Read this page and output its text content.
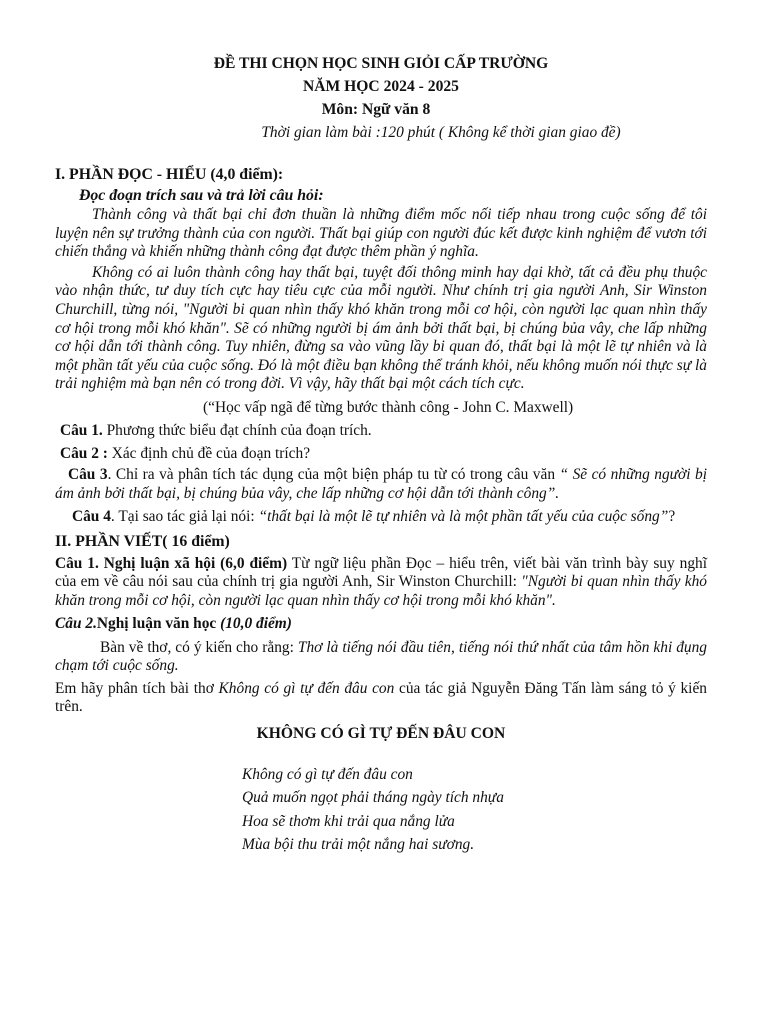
ĐỀ THI CHỌN HỌC SINH GIỎI CẤP TRƯỜNG
NĂM HỌC 2024 - 2025
Môn: Ngữ văn 8
Thời gian làm bài :120 phút ( Không kể thời gian giao đề)
I. PHẦN ĐỌC - HIỂU (4,0 điểm):
Đọc đoạn trích sau và trả lời câu hỏi:

Thành công và thất bại chỉ đơn thuần là những điểm mốc nối tiếp nhau trong cuộc sống để tôi luyện nên sự trưởng thành của con người. Thất bại giúp con người đúc kết được kinh nghiệm để vươn tới chiến thắng và khiến những thành công đạt được thêm phần ý nghĩa.

Không có ai luôn thành công hay thất bại, tuyệt đối thông minh hay dại khờ, tất cả đều phụ thuộc vào nhận thức, tư duy tích cực hay tiêu cực của mỗi người. Như chính trị gia người Anh, Sir Winston Churchill, từng nói, "Người bi quan nhìn thấy khó khăn trong mỗi cơ hội, còn người lạc quan nhìn thấy cơ hội trong mỗi khó khăn". Sẽ có những người bị ám ảnh bởi thất bại, bị chúng bủa vây, che lấp những cơ hội dẫn tới thành công. Tuy nhiên, đừng sa vào vũng lầy bi quan đó, thất bại là một lẽ tự nhiên và là một phần tất yếu của cuộc sống. Đó là một điều bạn không thể tránh khỏi, nếu không muốn nói thực sự là trải nghiệm mà bạn nên có trong đời. Vì vậy, hãy thất bại một cách tích cực.

(“Học vấp ngã để từng bước thành công - John C. Maxwell)
Câu 1. Phương thức biểu đạt chính của đoạn trích.
Câu 2 : Xác định chủ đề của đoạn trích?

Câu 3. Chỉ ra và phân tích tác dụng của một biện pháp tu từ có trong câu văn “ Sẽ có những người bị ám ảnh bởi thất bại, bị chúng bủa vây, che lấp những cơ hội dẫn tới thành công”.

Câu 4. Tại sao tác giả lại nói: “thất bại là một lẽ tự nhiên và là một phần tất yếu của cuộc sống”?

II. PHẦN VIẾT( 16 điểm)

Câu 1. Nghị luận xã hội (6,0 điểm) Từ ngữ liệu phần Đọc – hiểu trên, viết bài văn trình bày suy nghĩ của em về câu nói sau của chính trị gia người Anh, Sir Winston Churchill: "Người bi quan nhìn thấy khó khăn trong mỗi cơ hội, còn người lạc quan nhìn thấy cơ hội trong mỗi khó khăn".

Câu 2.Nghị luận văn học (10,0 điểm)

Bàn về thơ, có ý kiến cho rằng: Thơ là tiếng nói đầu tiên, tiếng nói thứ nhất của tâm hồn khi đụng chạm tới cuộc sống.

Em hãy phân tích bài thơ Không có gì tự đến đâu con của tác giả Nguyễn Đăng Tấn làm sáng tỏ ý kiến trên.

KHÔNG CÓ GÌ TỰ ĐẾN ĐÂU CON
Không có gì tự đến đâu con
Quả muốn ngọt phải tháng ngày tích nhựa
Hoa sẽ thơm khi trải qua nắng lửa
Mùa bội thu trải một nắng hai sương.
